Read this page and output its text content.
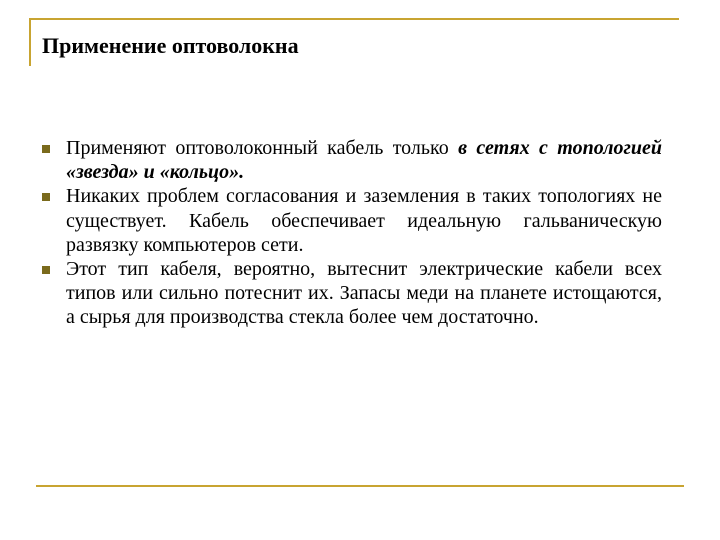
Применение оптоволокна
Применяют оптоволоконный кабель только в сетях с топологией «звезда» и «кольцо».
Никаких проблем согласования и заземления в таких топологиях не существует. Кабель обеспечивает идеальную гальваническую развязку компьютеров сети.
Этот тип кабеля, вероятно, вытеснит электрические кабели всех типов или сильно потеснит их. Запасы меди на планете истощаются, а сырья для производства стекла более чем достаточно.
